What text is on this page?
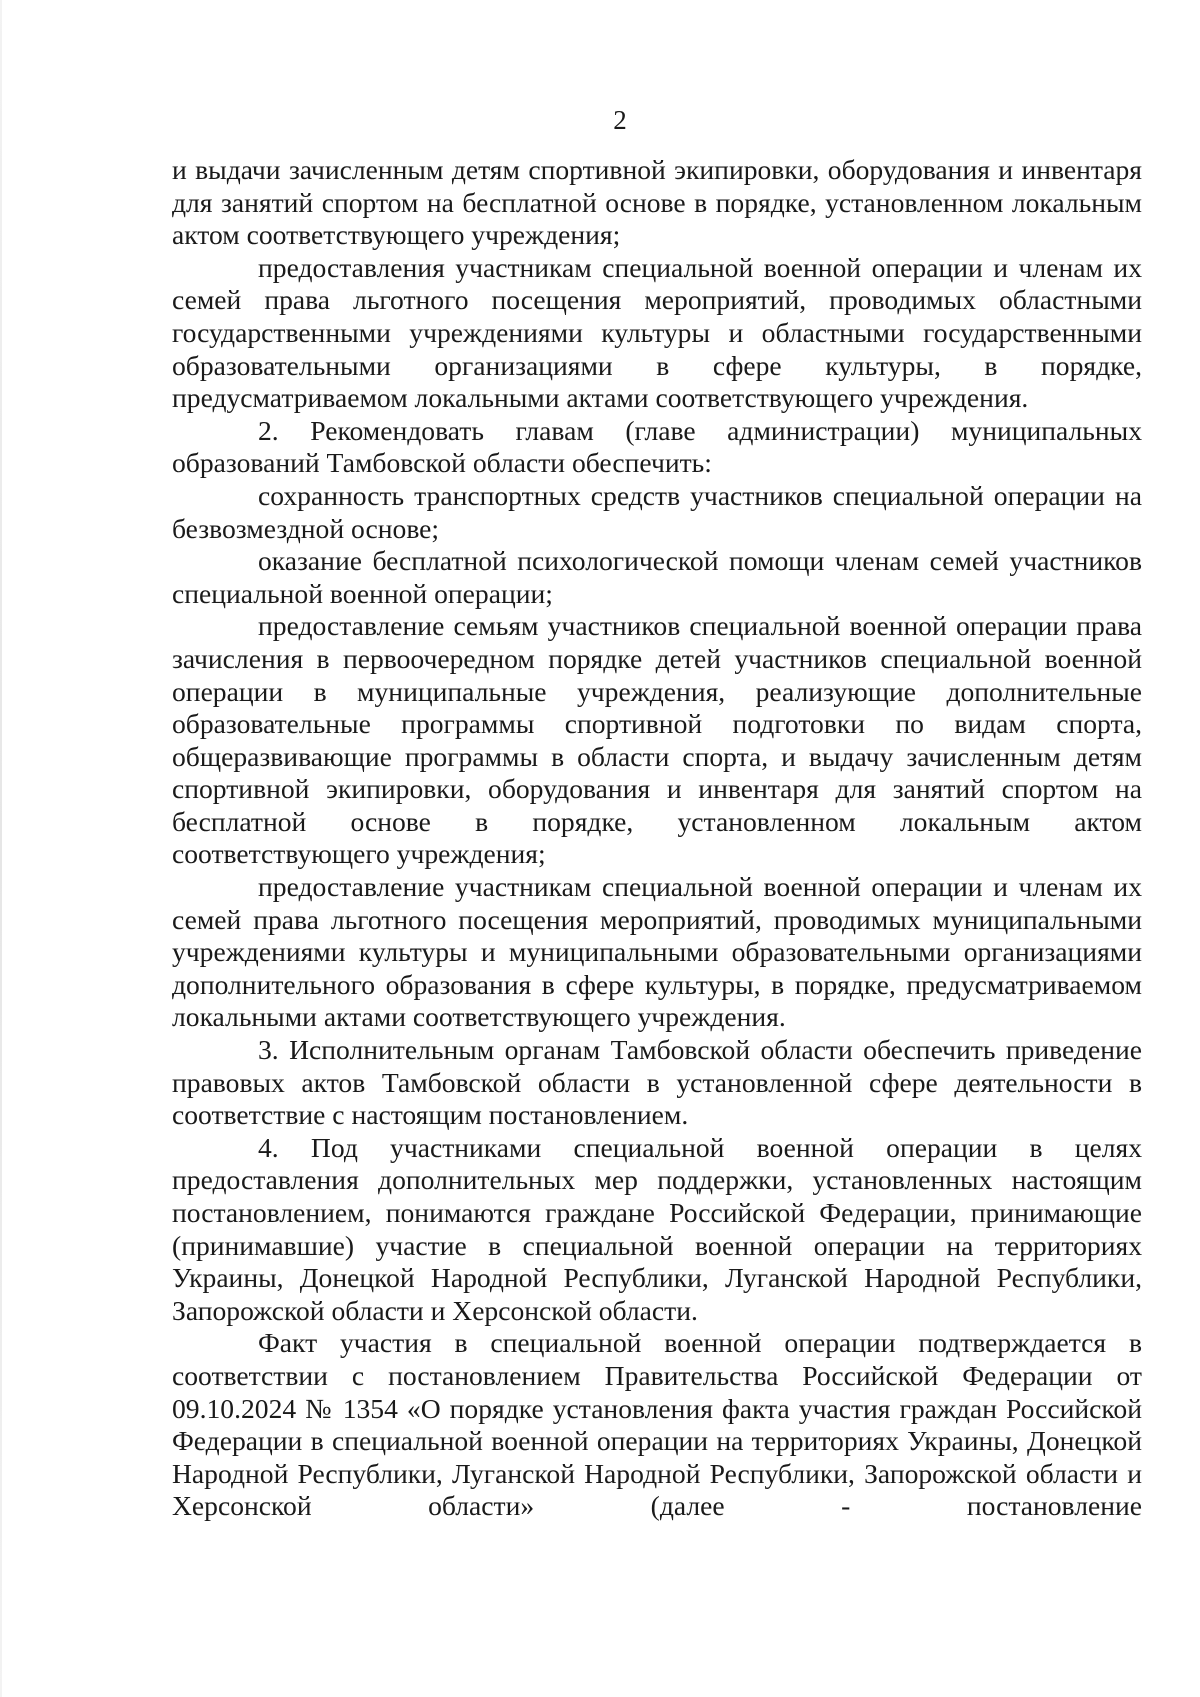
2

и выдачи зачисленным детям спортивной экипировки, оборудования и инвентаря для занятий спортом на бесплатной основе в порядке, установленном локальным актом соответствующего учреждения;

предоставления участникам специальной военной операции и членам их семей права льготного посещения мероприятий, проводимых областными государственными учреждениями культуры и областными государственными образовательными организациями в сфере культуры, в порядке, предусматриваемом локальными актами соответствующего учреждения.

2. Рекомендовать главам (главе администрации) муниципальных образований Тамбовской области обеспечить:

сохранность транспортных средств участников специальной операции на безвозмездной основе;

оказание бесплатной психологической помощи членам семей участников специальной военной операции;

предоставление семьям участников специальной военной операции права зачисления в первоочередном порядке детей участников специальной военной операции в муниципальные учреждения, реализующие дополнительные образовательные программы спортивной подготовки по видам спорта, общеразвивающие программы в области спорта, и выдачу зачисленным детям спортивной экипировки, оборудования и инвентаря для занятий спортом на бесплатной основе в порядке, установленном локальным актом соответствующего учреждения;

предоставление участникам специальной военной операции и членам их семей права льготного посещения мероприятий, проводимых муниципальными учреждениями культуры и муниципальными образовательными организациями дополнительного образования в сфере культуры, в порядке, предусматриваемом локальными актами соответствующего учреждения.

3. Исполнительным органам Тамбовской области обеспечить приведение правовых актов Тамбовской области в установленной сфере деятельности в соответствие с настоящим постановлением.

4. Под участниками специальной военной операции в целях предоставления дополнительных мер поддержки, установленных настоящим постановлением, понимаются граждане Российской Федерации, принимающие (принимавшие) участие в специальной военной операции на территориях Украины, Донецкой Народной Республики, Луганской Народной Республики, Запорожской области и Херсонской области.

Факт участия в специальной военной операции подтверждается в соответствии с постановлением Правительства Российской Федерации от 09.10.2024 № 1354 «О порядке установления факта участия граждан Российской Федерации в специальной военной операции на территориях Украины, Донецкой Народной Республики, Луганской Народной Республики, Запорожской области и Херсонской области» (далее - постановление
